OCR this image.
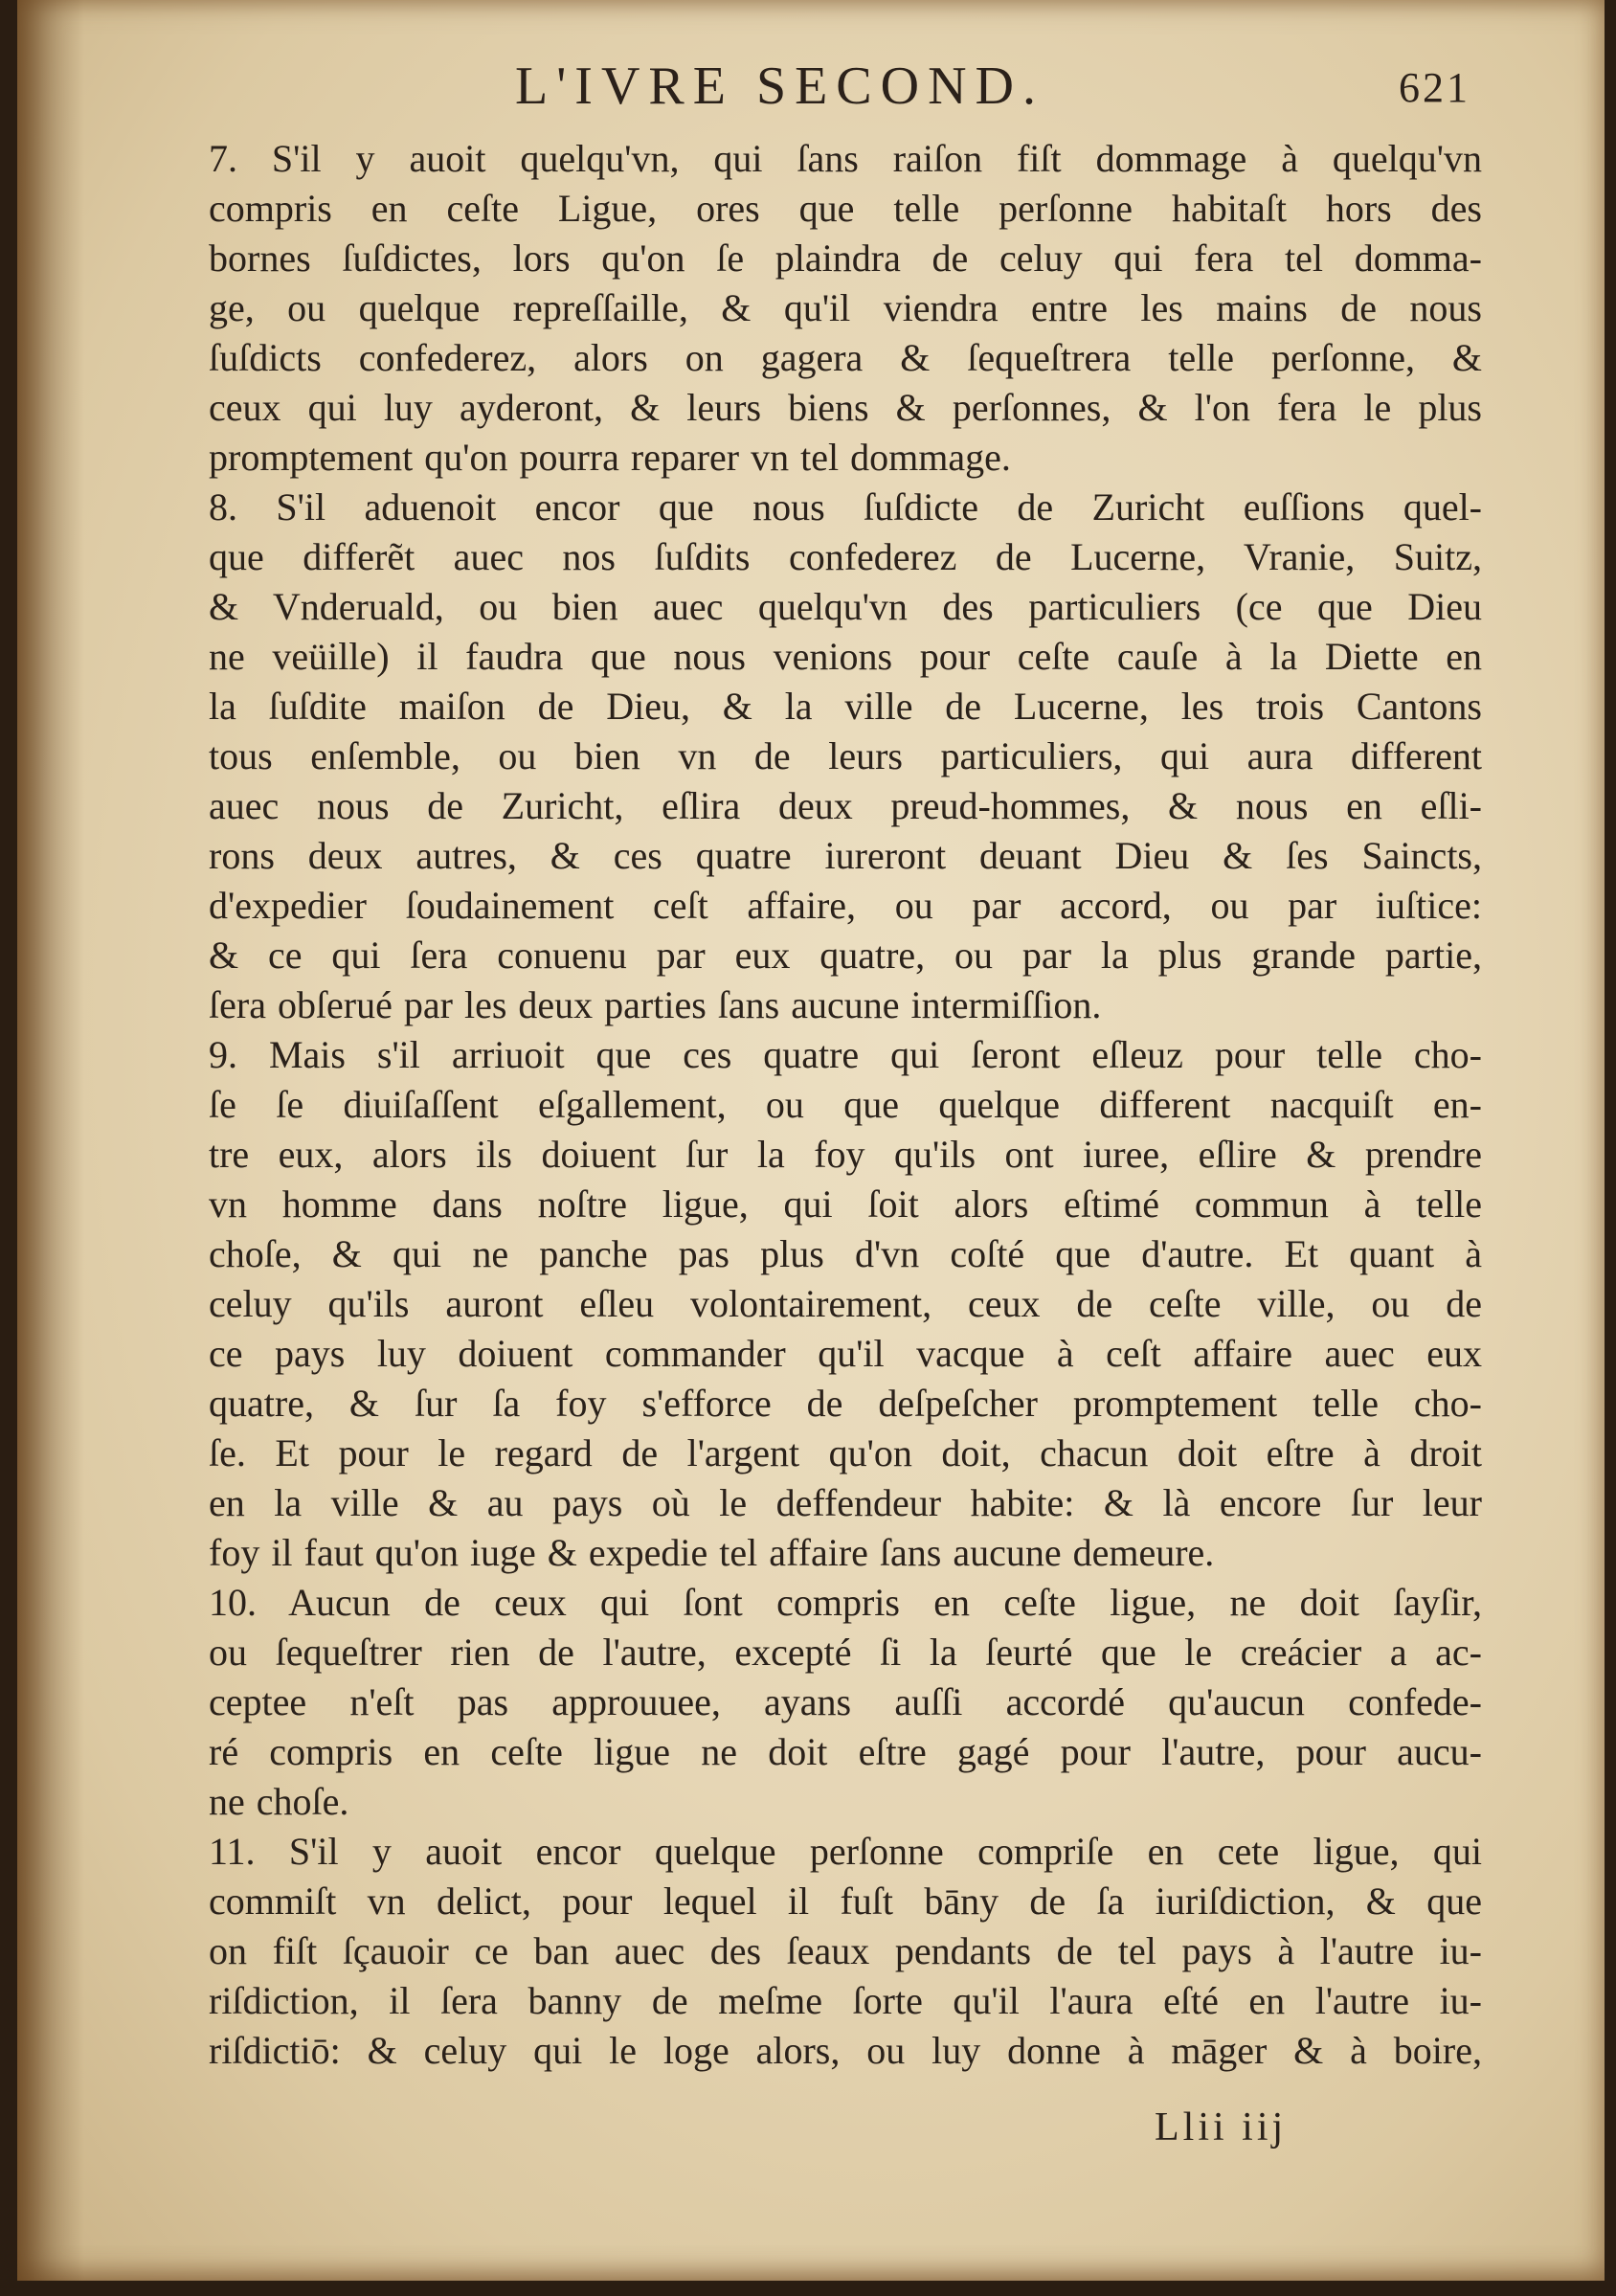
L'IVRE SECOND.	621
7. S'il y auoit quelqu'vn, qui ſans raiſon fiſt dommage à quelqu'vn
compris en ceſte Ligue, ores que telle perſonne habitaſt hors des
bornes ſuſdictes, lors qu'on ſe plaindra de celuy qui fera tel domma-
ge, ou quelque repreſſaille, & qu'il viendra entre les mains de nous
ſuſdicts confederez, alors on gagera & ſequeſtrera telle perſonne, &
ceux qui luy ayderont, & leurs biens & perſonnes, & l'on fera le plus
promptement qu'on pourra reparer vn tel dommage.
8. S'il aduenoit encor que nous ſuſdicte de Zuricht euſſions quel-
que differẽt auec nos ſuſdits confederez de Lucerne, Vranie, Suitz,
& Vnderuald, ou bien auec quelqu'vn des particuliers (ce que Dieu
ne veüille) il faudra que nous venions pour ceſte cauſe à la Diette en
la ſuſdite maiſon de Dieu, & la ville de Lucerne, les trois Cantons
tous enſemble, ou bien vn de leurs particuliers, qui aura different
auec nous de Zuricht, eſlira deux preud-hommes, & nous en eſli-
rons deux autres, & ces quatre iureront deuant Dieu & ſes Saincts,
d'expedier ſoudainement ceſt affaire, ou par accord, ou par iuſtice:
& ce qui ſera conuenu par eux quatre, ou par la plus grande partie,
ſera obſerué par les deux parties ſans aucune intermiſſion.
9. Mais s'il arriuoit que ces quatre qui ſeront eſleuz pour telle cho-
ſe ſe diuiſaſſent eſgallement, ou que quelque different nacquiſt en-
tre eux, alors ils doiuent ſur la foy qu'ils ont iuree, eſlire & prendre
vn homme dans noſtre ligue, qui ſoit alors eſtimé commun à telle
choſe, & qui ne panche pas plus d'vn coſté que d'autre. Et quant à
celuy qu'ils auront eſleu volontairement, ceux de ceſte ville, ou de
ce pays luy doiuent commander qu'il vacque à ceſt affaire auec eux
quatre, & ſur ſa foy s'efforce de deſpeſcher promptement telle cho-
ſe. Et pour le regard de l'argent qu'on doit, chacun doit eſtre à droit
en la ville & au pays où le deffendeur habite: & là encore ſur leur
foy il faut qu'on iuge & expedie tel affaire ſans aucune demeure.
10. Aucun de ceux qui ſont compris en ceſte ligue, ne doit ſayſir,
ou ſequeſtrer rien de l'autre, excepté ſi la ſeurté que le creácier a ac-
ceptee n'eſt pas approuuee, ayans auſſi accordé qu'aucun confede-
ré compris en ceſte ligue ne doit eſtre gagé pour l'autre, pour aucu-
ne choſe.
11. S'il y auoit encor quelque perſonne compriſe en cete ligue, qui
commiſt vn delict, pour lequel il fuſt bāny de ſa iuriſdiction, & que
on fiſt ſçauoir ce ban auec des ſeaux pendants de tel pays à l'autre iu-
riſdiction, il ſera banny de meſme ſorte qu'il l'aura eſté en l'autre iu-
riſdictiō: & celuy qui le loge alors, ou luy donne à māger & à boire,
Llii iij
